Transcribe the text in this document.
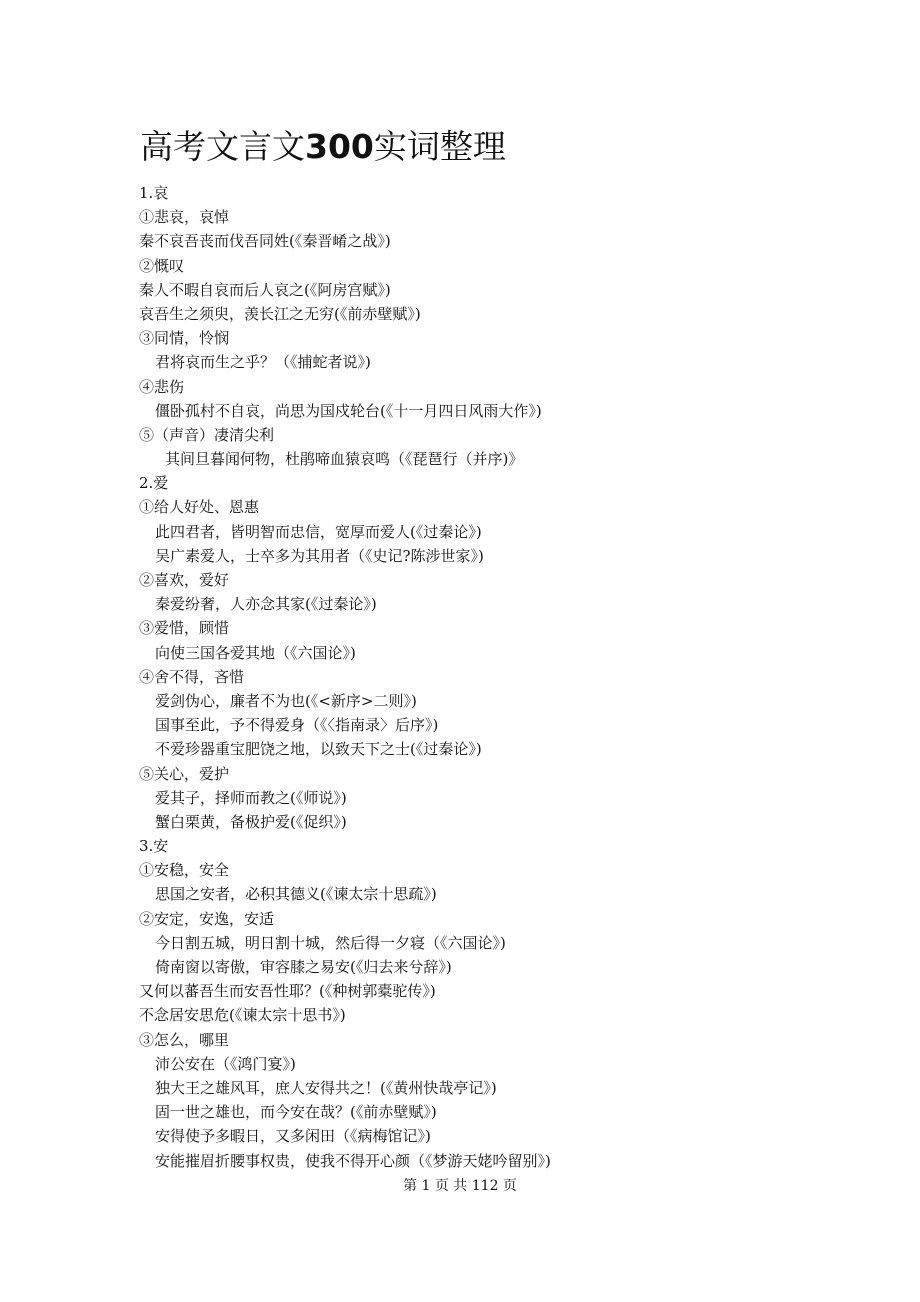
高考文言文300实词整理
1.哀
①悲哀，哀悼
秦不哀吾丧而伐吾同姓(《秦晋崤之战》)
②慨叹
秦人不暇自哀而后人哀之(《阿房宫赋》)
哀吾生之须臾，羡长江之无穷(《前赤壁赋》)
③同情，怜悯
君将哀而生之乎？（《捕蛇者说》)
④悲伤
僵卧孤村不自哀，尚思为国戍轮台(《十一月四日风雨大作》)
⑤（声音）凄清尖利
其间旦暮闻何物，杜鹃啼血猿哀鸣（《琵琶行（并序)》
2.爱
①给人好处、恩惠
此四君者，皆明智而忠信，宽厚而爱人(《过秦论》)
吴广素爱人，士卒多为其用者（《史记?陈涉世家》)
②喜欢，爱好
秦爱纷奢，人亦念其家(《过秦论》)
③爱惜，顾惜
向使三国各爱其地（《六国论》)
④舍不得，吝惜
爱剑伪心，廉者不为也(《<新序>二则》)
国事至此，予不得爱身（《〈指南录〉后序》)
不爱珍器重宝肥饶之地，以致天下之士(《过秦论》)
⑤关心，爱护
爱其子，择师而教之(《师说》)
蟹白栗黄，备极护爱(《促织》)
3.安
①安稳，安全
思国之安者，必积其德义(《谏太宗十思疏》)
②安定，安逸，安适
今日割五城，明日割十城，然后得一夕寝（《六国论》)
倚南窗以寄傲，审容膝之易安(《归去来兮辞》)
又何以蕃吾生而安吾性耶？(《种树郭橐驼传》)
不念居安思危(《谏太宗十思书》)
③怎么，哪里
沛公安在（《鸿门宴》)
独大王之雄风耳，庶人安得共之！(《黄州快哉亭记》)
固一世之雄也，而今安在哉？(《前赤壁赋》)
安得使予多暇日，又多闲田（《病梅馆记》)
安能摧眉折腰事权贵，使我不得开心颜（《梦游天姥吟留别》)
第 1 页 共 112 页
